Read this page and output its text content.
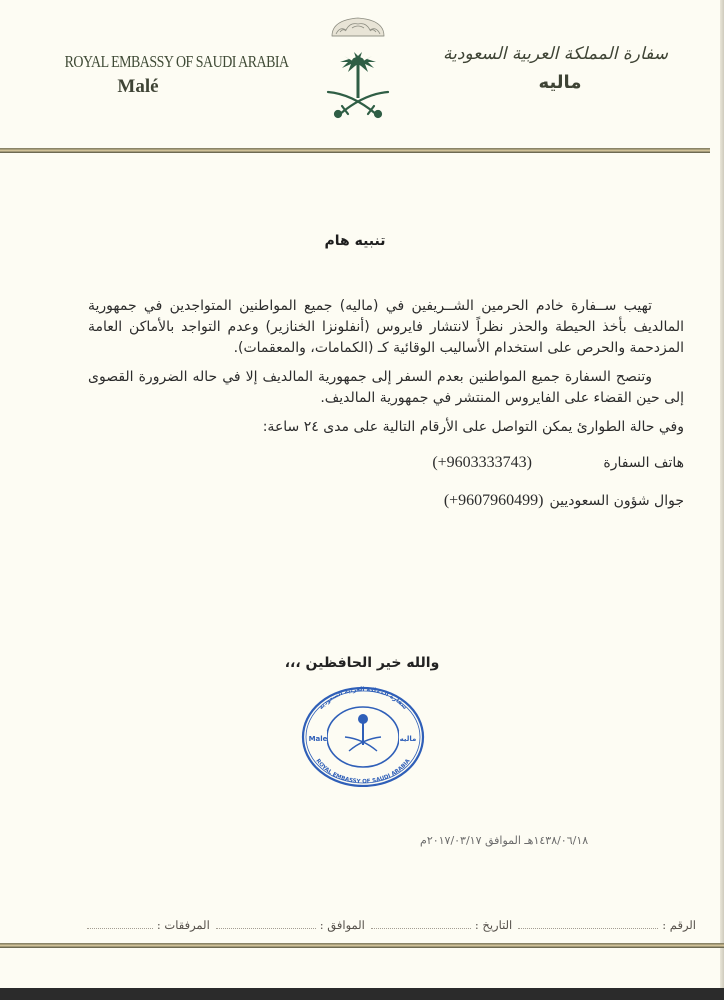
ROYAL EMBASSY OF SAUDI ARABIA
Malé
سفارة المملكة العربية السعودية
ماليه
تنبيه هام

تهيب ســفارة خادم الحرمين الشــريفين في (ماليه) جميع المواطنين المتواجدين في جمهورية المالديف بأخذ الحيطة والحذر نظراً لانتشار فايروس (أنفلونزا الخنازير) وعدم التواجد بالأماكن العامة المزدحمة والحرص على استخدام الأساليب الوقائية كـ (الكمامات، والمعقمات).

وتنصح السفارة جميع المواطنين بعدم السفر إلى جمهورية المالديف إلا في حاله الضرورة القصوى إلى حين القضاء على الفايروس المنتشر في جمهورية المالديف.

وفي حالة الطوارئ يمكن التواصل على الأرقام التالية على مدى ٢٤ ساعة:

هاتف السفارة(+9603333743)
جوال شؤون السعوديين(+9607960499)
والله خير الحافظين ،،،
سفارة المملكة العربية السعودية
ROYAL EMBASSY OF SAUDI ARABIA
Male	ماليه
١٤٣٨/٠٦/١٨هـ الموافق ٢٠١٧/٠٣/١٧م
الرقم :
التاريخ :
الموافق :
المرفقات :
